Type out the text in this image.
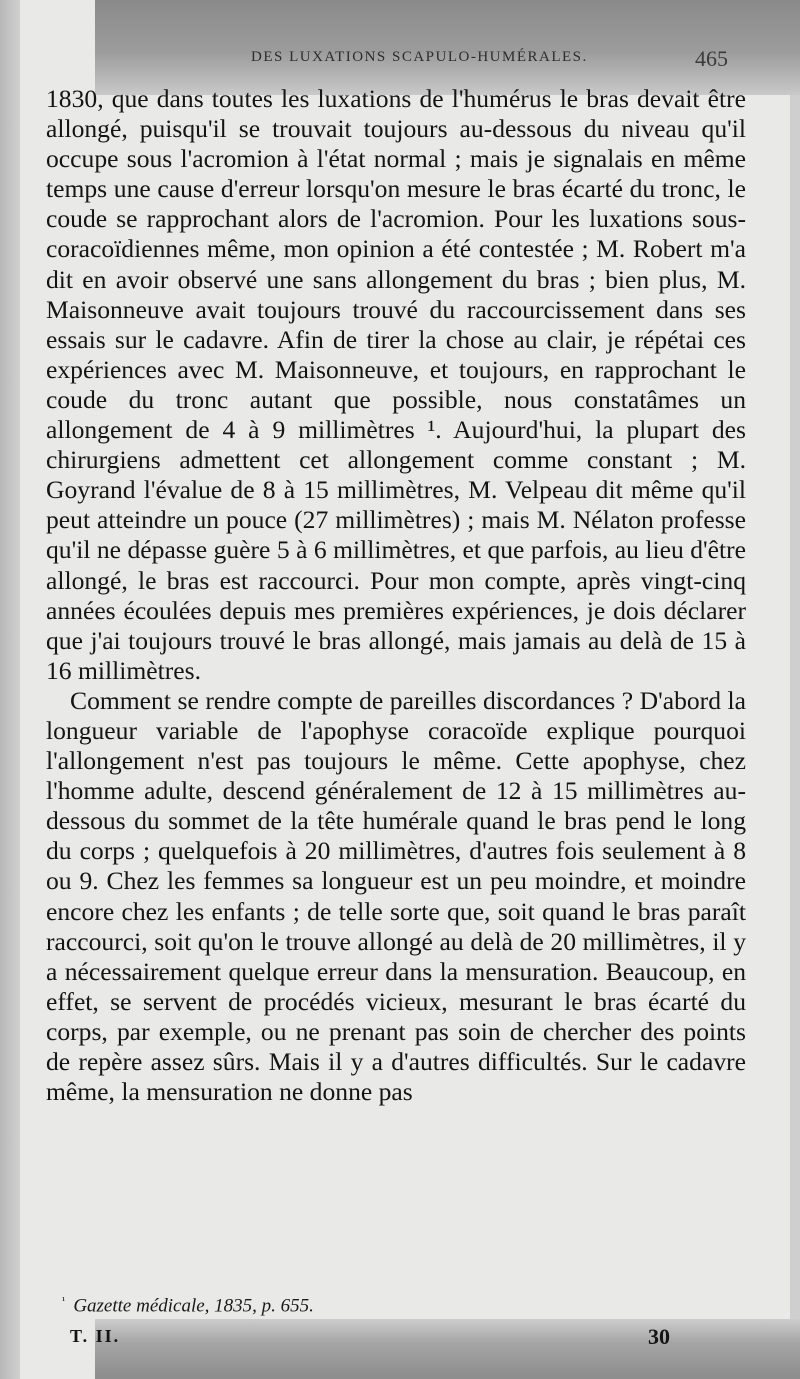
DES LUXATIONS SCAPULO-HUMÉRALES.	465

1830, que dans toutes les luxations de l'humérus le bras devait être allongé, puisqu'il se trouvait toujours au-dessous du niveau qu'il occupe sous l'acromion à l'état normal ; mais je signalais en même temps une cause d'erreur lorsqu'on mesure le bras écarté du tronc, le coude se rapprochant alors de l'acromion. Pour les luxations sous-coracoïdiennes même, mon opinion a été contestée ; M. Robert m'a dit en avoir observé une sans allongement du bras ; bien plus, M. Maisonneuve avait toujours trouvé du raccourcissement dans ses essais sur le cadavre. Afin de tirer la chose au clair, je répétai ces expériences avec M. Maisonneuve, et toujours, en rapprochant le coude du tronc autant que possible, nous constatâmes un allongement de 4 à 9 millimètres ¹. Aujourd'hui, la plupart des chirurgiens admettent cet allongement comme constant ; M. Goyrand l'évalue de 8 à 15 millimètres, M. Velpeau dit même qu'il peut atteindre un pouce (27 millimètres) ; mais M. Nélaton professe qu'il ne dépasse guère 5 à 6 millimètres, et que parfois, au lieu d'être allongé, le bras est raccourci. Pour mon compte, après vingt-cinq années écoulées depuis mes premières expériences, je dois déclarer que j'ai toujours trouvé le bras allongé, mais jamais au delà de 15 à 16 millimètres.

Comment se rendre compte de pareilles discordances ? D'abord la longueur variable de l'apophyse coracoïde explique pourquoi l'allongement n'est pas toujours le même. Cette apophyse, chez l'homme adulte, descend généralement de 12 à 15 millimètres au-dessous du sommet de la tête humérale quand le bras pend le long du corps ; quelquefois à 20 millimètres, d'autres fois seulement à 8 ou 9. Chez les femmes sa longueur est un peu moindre, et moindre encore chez les enfants ; de telle sorte que, soit quand le bras paraît raccourci, soit qu'on le trouve allongé au delà de 20 millimètres, il y a nécessairement quelque erreur dans la mensuration. Beaucoup, en effet, se servent de procédés vicieux, mesurant le bras écarté du corps, par exemple, ou ne prenant pas soin de chercher des points de repère assez sûrs. Mais il y a d'autres difficultés. Sur le cadavre même, la mensuration ne donne pas

$^{^1}$ Gazette médicale, 1835, p. 655.
T. II.	30
